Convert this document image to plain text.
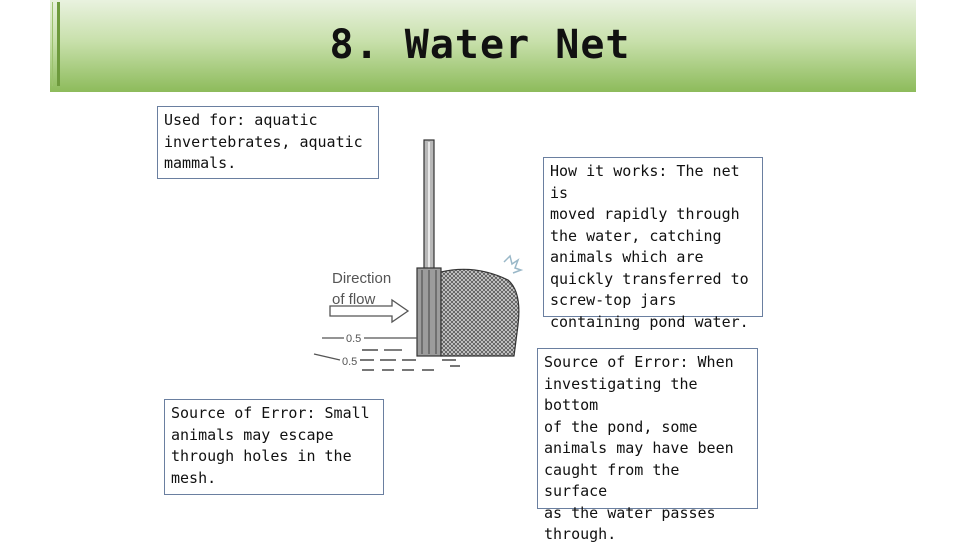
8. Water Net
Used for: aquatic
invertebrates, aquatic
mammals.	How it works: The net is
moved rapidly through
the water, catching
animals which are
quickly transferred to
screw-top jars
containing pond water.
Source of Error: Small
animals may escape
through holes in the
mesh.
Source of Error: When
investigating the bottom
of the pond, some
animals may have been
caught from the surface
as the water passes
through.
Direction
of flow
0.5
0.5
